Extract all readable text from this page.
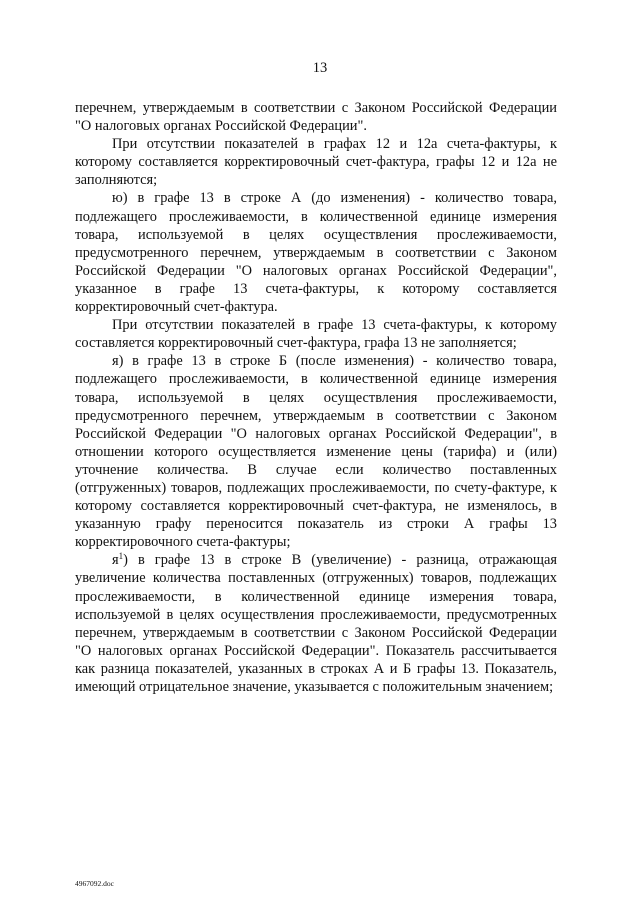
13

перечнем, утверждаемым в соответствии с Законом Российской Федерации "О налоговых органах Российской Федерации".

При отсутствии показателей в графах 12 и 12а счета-фактуры, к которому составляется корректировочный счет-фактура, графы 12 и 12а не заполняются;

ю) в графе 13 в строке А (до изменения) - количество товара, подлежащего прослеживаемости, в количественной единице измерения товара, используемой в целях осуществления прослеживаемости, предусмотренного перечнем, утверждаемым в соответствии с Законом Российской Федерации "О налоговых органах Российской Федерации", указанное в графе 13 счета-фактуры, к которому составляется корректировочный счет-фактура.

При отсутствии показателей в графе 13 счета-фактуры, к которому составляется корректировочный счет-фактура, графа 13 не заполняется;

я) в графе 13 в строке Б (после изменения) - количество товара, подлежащего прослеживаемости, в количественной единице измерения товара, используемой в целях осуществления прослеживаемости, предусмотренного перечнем, утверждаемым в соответствии с Законом Российской Федерации "О налоговых органах Российской Федерации", в отношении которого осуществляется изменение цены (тарифа) и (или) уточнение количества. В случае если количество поставленных (отгруженных) товаров, подлежащих прослеживаемости, по счету-фактуре, к которому составляется корректировочный счет-фактура, не изменялось, в указанную графу переносится показатель из строки А графы 13 корректировочного счета-фактуры;

$я^1$) в графе 13 в строке В (увеличение) - разница, отражающая увеличение количества поставленных (отгруженных) товаров, подлежащих прослеживаемости, в количественной единице измерения товара, используемой в целях осуществления прослеживаемости, предусмотренных перечнем, утверждаемым в соответствии с Законом Российской Федерации "О налоговых органах Российской Федерации". Показатель рассчитывается как разница показателей, указанных в строках А и Б графы 13. Показатель, имеющий отрицательное значение, указывается с положительным значением;

4967092.doc
